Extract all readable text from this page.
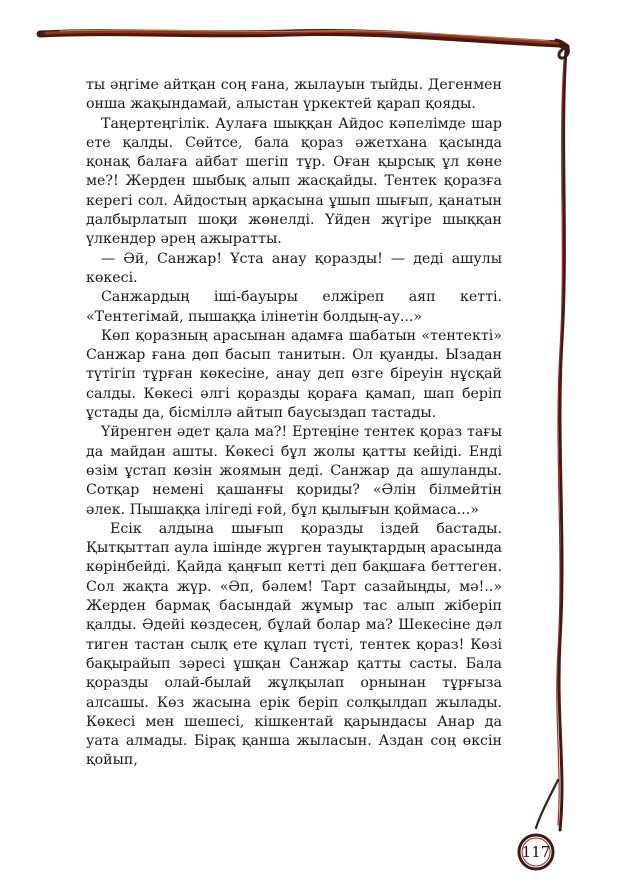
ты әңгіме айтқан соң ғана, жылауын тыйды. Дегенмен оншa жақындамай, алыстан үркектей қарап қояды.

Таңертеңгілік. Аулаға шыққан Айдос кәпелімде шар ете қалды. Сөйтсе, бала қораз әжетхана қасында қонақ балаға айбат шегіп тұр. Оған қырсық ұл көне ме?! Жерден шыбық алып жасқайды. Тентек қоразға керегі сол. Айдостың арқасына ұшып шығып, қанатын далбырлатып шоқи жөнелді. Үйден жүгіре шыққан үлкендер әрең ажыратты.

— Әй, Санжар! Ұста анау қоразды! — деді ашулы көкесі.

Санжардың іші-бауыры елжіреп аяп кетті. «Тентегімай, пышаққа ілінетін болдың-ау...»

Көп қоразның арасынан адамға шабатын «тентекті» Санжар ғана дөп басып танитын. Ол қуанды. Ызадан түтігіп тұрған көкесіне, анау деп өзге біреуін нұсқай салды. Көкесі әлгі қоразды қораға қамап, шап беріп ұстады да, бісміллә айтып баусыздап тастады.

Үйренген әдет қала ма?! Ертеңіне тентек қораз тағы да майдан ашты. Көкесі бұл жолы қатты кейіді. Енді өзім ұстап көзін жоямын деді. Санжар да ашуланды. Сотқар немені қашанғы қориды? «Әлін білмейтін әлек. Пышаққа ілігеді ғой, бұл қылығын қоймаса...»

Есік алдына шығып қоразды іздей бастады. Қытқыттап аула ішінде жүрген тауықтардың арасында көрінбейді. Қайда қаңғып кетті деп бақшаға беттеген. Сол жақта жүр. «Әп, бәлем! Тарт сазайыңды, мә!..» Жерден бармақ басындай жұмыр тас алып жіберіп қалды. Әдейі көздесең, бұлай болар ма? Шекесіне дәл тиген тастан сылқ ете құлап түсті, тентек қораз! Көзі бақырайып зәресі ұшқан Санжар қатты састы. Бала қоразды олай-былай жұлқылап орнынан тұрғыза алсашы. Көз жасына ерік беріп солқылдап жылады. Көкесі мен шешесі, кішкентай қарындасы Анар да уата алмады. Бірақ қанша жыласын. Аздан соң өксін қойып,

117
